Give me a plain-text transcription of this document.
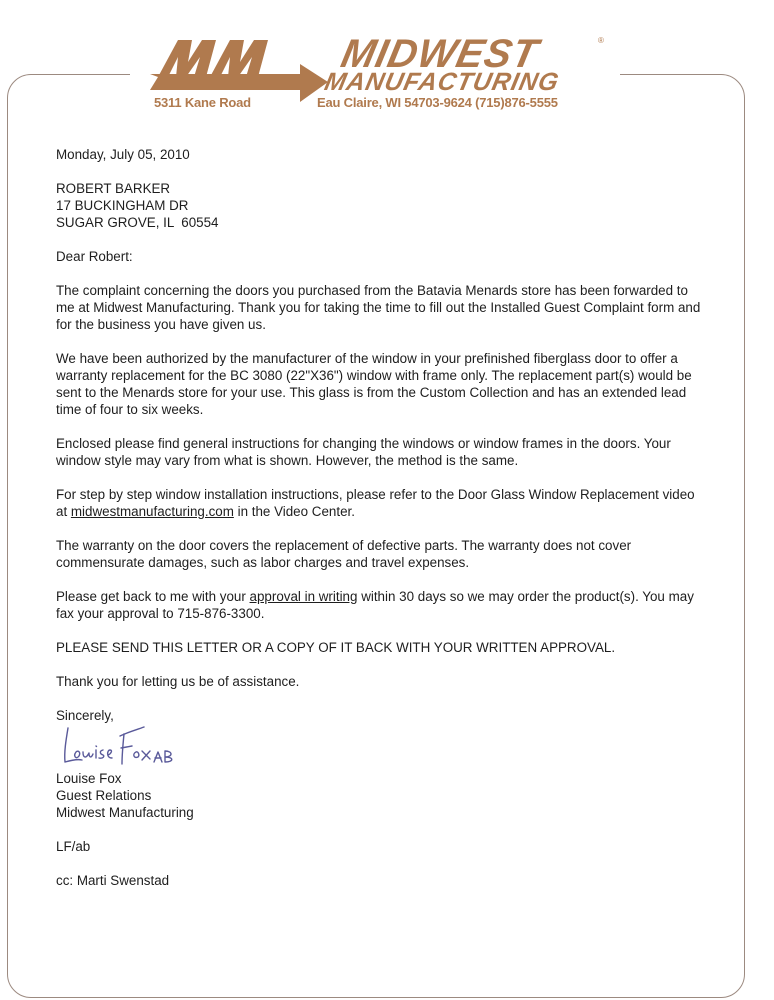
MIDWEST	®
MANUFACTURING
5311 Kane Road	Eau Claire, WI 54703-9624 (715)876-5555

Monday, July 05, 2010

ROBERT BARKER
17 BUCKINGHAM DR
SUGAR GROVE, IL  60554

Dear Robert:

The complaint concerning the doors you purchased from the Batavia Menards store has been forwarded to me at Midwest Manufacturing. Thank you for taking the time to fill out the Installed Guest Complaint form and for the business you have given us.

We have been authorized by the manufacturer of the window in your prefinished fiberglass door to offer a warranty replacement for the BC 3080 (22"X36") window with frame only. The replacement part(s) would be sent to the Menards store for your use. This glass is from the Custom Collection and has an extended lead time of four to six weeks.

Enclosed please find general instructions for changing the windows or window frames in the doors. Your window style may vary from what is shown. However, the method is the same.

For step by step window installation instructions, please refer to the Door Glass Window Replacement video at midwestmanufacturing.com in the Video Center.

The warranty on the door covers the replacement of defective parts. The warranty does not cover commensurate damages, such as labor charges and travel expenses.

Please get back to me with your approval in writing within 30 days so we may order the product(s). You may fax your approval to 715-876-3300.

PLEASE SEND THIS LETTER OR A COPY OF IT BACK WITH YOUR WRITTEN APPROVAL.

Thank you for letting us be of assistance.

Sincerely,
Louise Fox
Guest Relations
Midwest Manufacturing

LF/ab

cc: Marti Swenstad
